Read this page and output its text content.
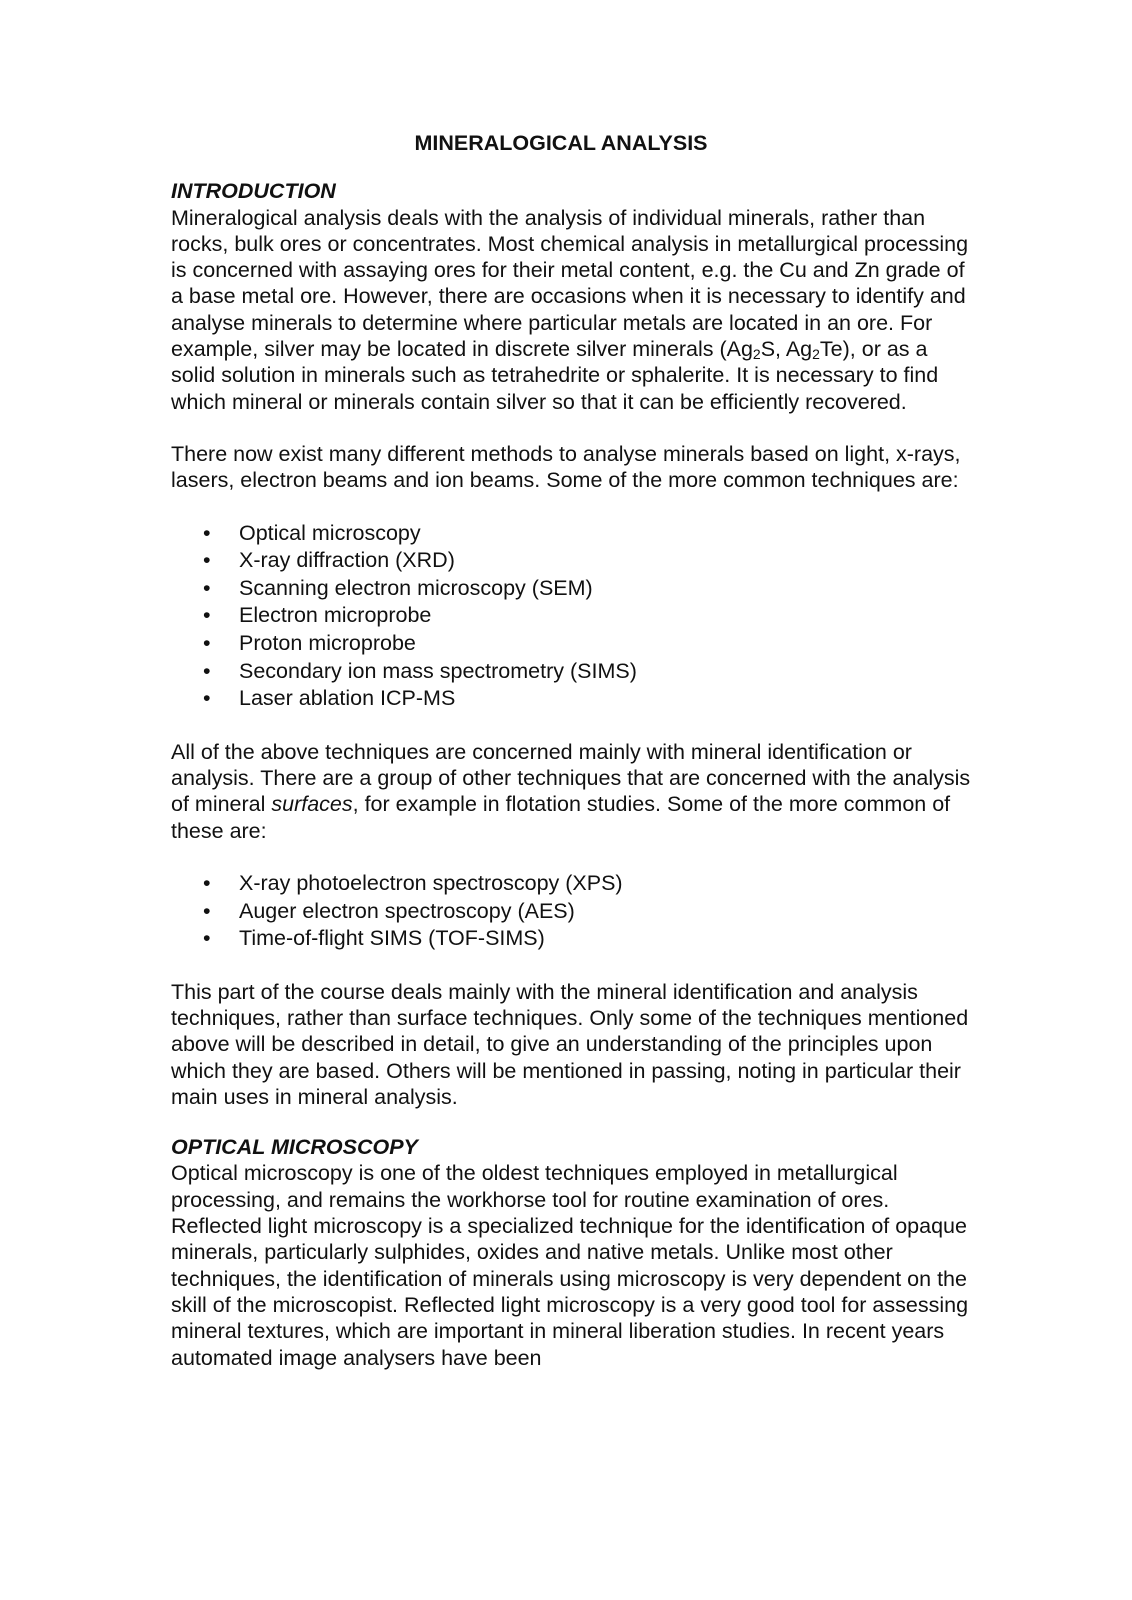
MINERALOGICAL ANALYSIS
INTRODUCTION

Mineralogical analysis deals with the analysis of individual minerals, rather than rocks, bulk ores or concentrates. Most chemical analysis in metallurgical processing is concerned with assaying ores for their metal content, e.g. the Cu and Zn grade of a base metal ore. However, there are occasions when it is necessary to identify and analyse minerals to determine where particular metals are located in an ore. For example, silver may be located in discrete silver minerals ($Ag_2S$, $Ag_2Te$), or as a solid solution in minerals such as tetrahedrite or sphalerite. It is necessary to find which mineral or minerals contain silver so that it can be efficiently recovered.

There now exist many different methods to analyse minerals based on light, x-rays, lasers, electron beams and ion beams. Some of the more common techniques are:

• Optical microscopy
• X-ray diffraction (XRD)
• Scanning electron microscopy (SEM)
• Electron microprobe
• Proton microprobe
• Secondary ion mass spectrometry (SIMS)
• Laser ablation ICP-MS

All of the above techniques are concerned mainly with mineral identification or analysis. There are a group of other techniques that are concerned with the analysis of mineral surfaces, for example in flotation studies. Some of the more common of these are:

• X-ray photoelectron spectroscopy (XPS)
• Auger electron spectroscopy (AES)
• Time-of-flight SIMS (TOF-SIMS)

This part of the course deals mainly with the mineral identification and analysis techniques, rather than surface techniques. Only some of the techniques mentioned above will be described in detail, to give an understanding of the principles upon which they are based. Others will be mentioned in passing, noting in particular their main uses in mineral analysis.

OPTICAL MICROSCOPY

Optical microscopy is one of the oldest techniques employed in metallurgical processing, and remains the workhorse tool for routine examination of ores. Reflected light microscopy is a specialized technique for the identification of opaque minerals, particularly sulphides, oxides and native metals. Unlike most other techniques, the identification of minerals using microscopy is very dependent on the skill of the microscopist. Reflected light microscopy is a very good tool for assessing mineral textures, which are important in mineral liberation studies. In recent years automated image analysers have been
